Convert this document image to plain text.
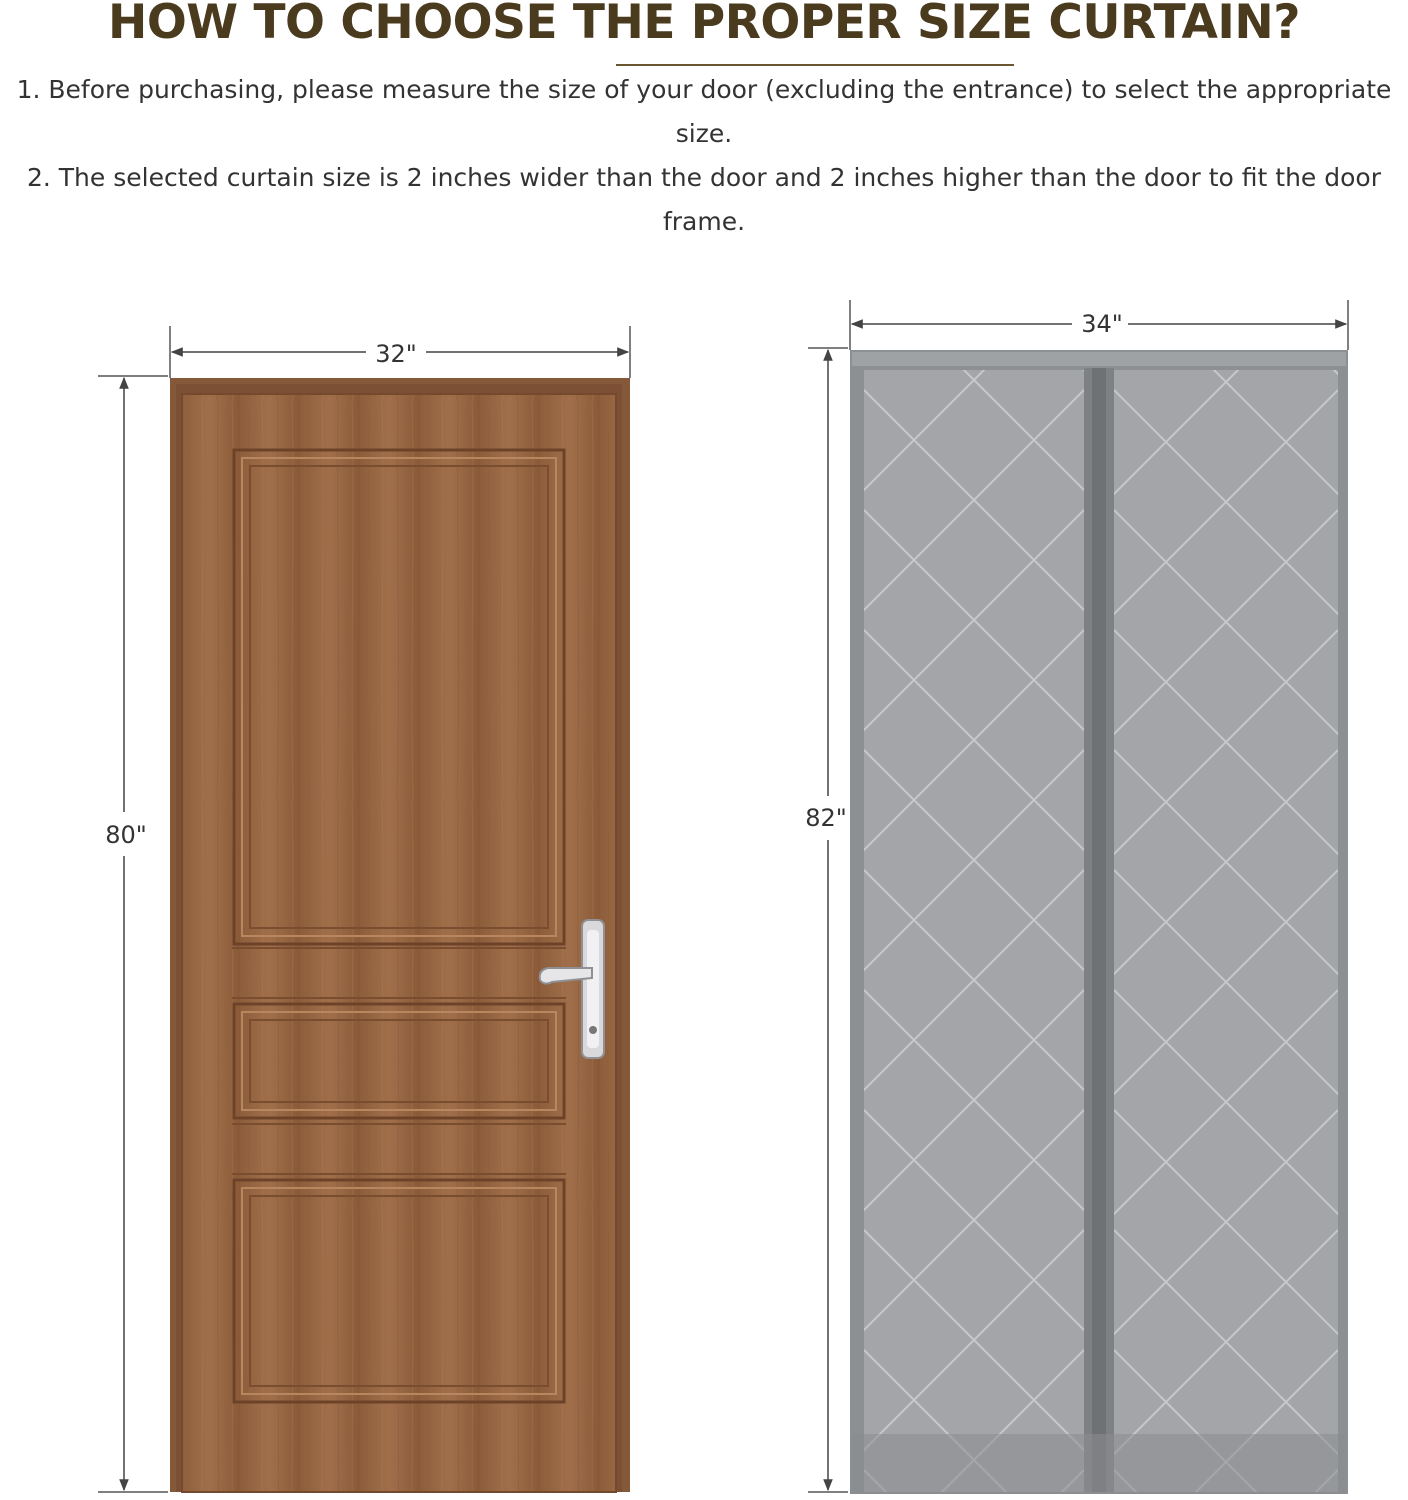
HOW TO CHOOSE THE PROPER SIZE CURTAIN?

1. Before purchasing, please measure the size of your door (excluding the entrance) to select the appropriate size.

2. The selected curtain size is 2 inches wider than the door and 2 inches higher than the door to fit the door frame.

32"
80"
34"
82"
